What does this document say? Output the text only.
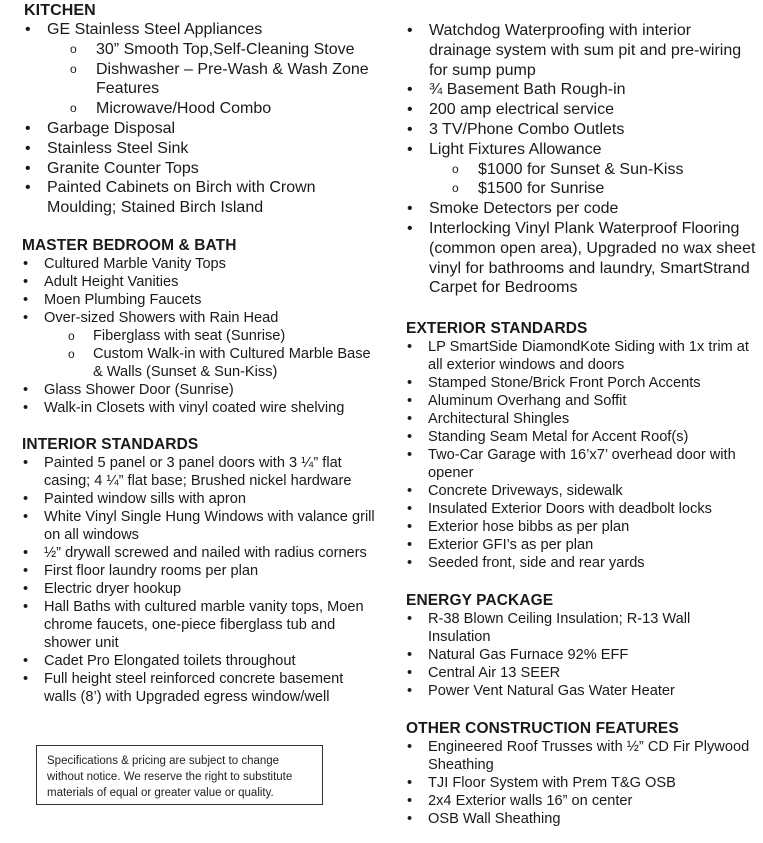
KITCHEN
• GE Stainless Steel Appliances
o 30” Smooth Top,Self-Cleaning Stove
o Dishwasher – Pre-Wash & Wash Zone Features
o Microwave/Hood Combo
• Garbage Disposal
• Stainless Steel Sink
• Granite Counter Tops
• Painted Cabinets on Birch with Crown Moulding; Stained Birch Island
MASTER BEDROOM & BATH
• Cultured Marble Vanity Tops
• Adult Height Vanities
• Moen Plumbing Faucets
• Over-sized Showers with Rain Head
o Fiberglass with seat (Sunrise)
o Custom Walk-in with Cultured Marble Base & Walls (Sunset & Sun-Kiss)
• Glass Shower Door (Sunrise)
• Walk-in Closets with vinyl coated wire shelving
INTERIOR STANDARDS
• Painted 5 panel or 3 panel doors with 3 ¼” flat casing; 4 ¼” flat base; Brushed nickel hardware
• Painted window sills with apron
• White Vinyl Single Hung Windows with valance grill on all windows
• ½” drywall screwed and nailed with radius corners
• First floor laundry rooms per plan
• Electric dryer hookup
• Hall Baths with cultured marble vanity tops, Moen chrome faucets, one-piece fiberglass tub and shower unit
• Cadet Pro Elongated toilets throughout
• Full height steel reinforced concrete basement walls (8’) with Upgraded egress window/well
• Watchdog Waterproofing with interior drainage system with sum pit and pre-wiring for sump pump
• ¾ Basement Bath Rough-in
• 200 amp electrical service
• 3 TV/Phone Combo Outlets
• Light Fixtures Allowance
o $1000 for Sunset & Sun-Kiss
o $1500 for Sunrise
• Smoke Detectors per code
• Interlocking Vinyl Plank Waterproof Flooring (common open area), Upgraded no wax sheet vinyl for bathrooms and laundry, SmartStrand Carpet for Bedrooms
EXTERIOR STANDARDS
• LP SmartSide DiamondKote Siding with 1x trim at all exterior windows and doors
• Stamped Stone/Brick Front Porch Accents
• Aluminum Overhang and Soffit
• Architectural Shingles
• Standing Seam Metal for Accent Roof(s)
• Two-Car Garage with 16’x7’ overhead door with opener
• Concrete Driveways, sidewalk
• Insulated Exterior Doors with deadbolt locks
• Exterior hose bibbs as per plan
• Exterior GFI’s as per plan
• Seeded front, side and rear yards
ENERGY PACKAGE
• R-38 Blown Ceiling Insulation; R-13 Wall Insulation
• Natural Gas Furnace 92% EFF
• Central Air 13 SEER
• Power Vent Natural Gas Water Heater
OTHER CONSTRUCTION FEATURES
• Engineered Roof Trusses with ½” CD Fir Plywood Sheathing
• TJI Floor System with Prem T&G OSB
• 2x4 Exterior walls 16” on center
• OSB Wall Sheathing
Specifications & pricing are subject to change without notice. We reserve the right to substitute materials of equal or greater value or quality.
